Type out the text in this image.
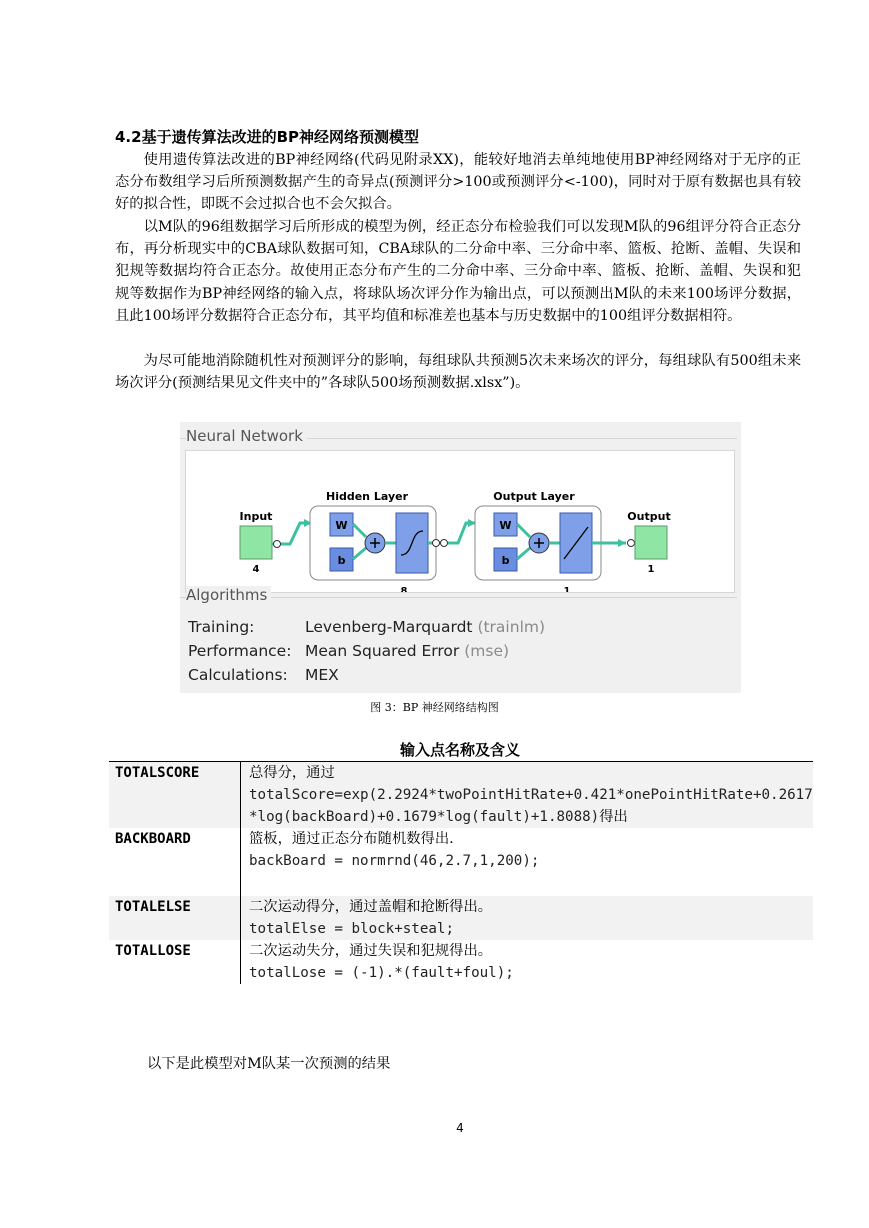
4.2基于遗传算法改进的BP神经网络预测模型

使用遗传算法改进的BP神经网络(代码见附录XX)，能较好地消去单纯地使用BP神经网络对于无序的正态分布数组学习后所预测数据产生的奇异点(预测评分>100或预测评分<-100)，同时对于原有数据也具有较好的拟合性，即既不会过拟合也不会欠拟合。

以M队的96组数据学习后所形成的模型为例，经正态分布检验我们可以发现M队的96组评分符合正态分布，再分析现实中的CBA球队数据可知，CBA球队的二分命中率、三分命中率、篮板、抢断、盖帽、失误和犯规等数据均符合正态分。故使用正态分布产生的二分命中率、三分命中率、篮板、抢断、盖帽、失误和犯规等数据作为BP神经网络的输入点，将球队场次评分作为输出点，可以预测出M队的未来100场评分数据，且此100场评分数据符合正态分布，其平均值和标准差也基本与历史数据中的100组评分数据相符。

为尽可能地消除随机性对预测评分的影响，每组球队共预测5次未来场次的评分，每组球队有500组未来场次评分(预测结果见文件夹中的”各球队500场预测数据.xlsx”)。

Neural Network
Input
4
Hidden Layer
W
b
8
Output Layer
W
b
1
Output
1
Algorithms
Training:	Levenberg-Marquardt (trainlm)
Performance: Mean Squared Error (mse)
Calculations: MEX
图 3：BP 神经网络结构图
输入点名称及含义
TOTALSCORE	总得分，通过
totalScore=exp(2.2924*twoPointHitRate+0.421*onePointHitRate+0.2617*log(backBoard)+0.1679*log(fault)+1.8088)得出

BACKBOARD	篮板，通过正态分布随机数得出.
backBoard = normrnd(46,2.7,1,200);

TOTALELSE	二次运动得分，通过盖帽和抢断得出。
totalElse = block+steal;

TOTALLOSE	二次运动失分，通过失误和犯规得出。
totalLose = (-1).*(fault+foul);

以下是此模型对M队某一次预测的结果

4
